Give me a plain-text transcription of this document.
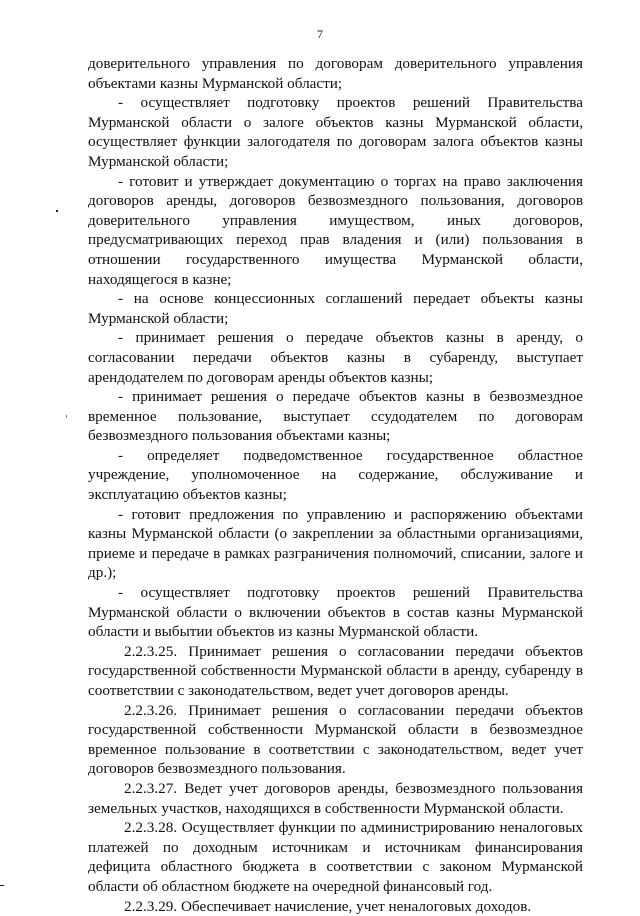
7

доверительного управления по договорам доверительного управления объектами казны Мурманской области;

- осуществляет подготовку проектов решений Правительства Мурманской области о залоге объектов казны Мурманской области, осуществляет функции залогодателя по договорам залога объектов казны Мурманской области;

- готовит и утверждает документацию о торгах на право заключения договоров аренды, договоров безвозмездного пользования, договоров доверительного управления имуществом, иных договоров, предусматривающих переход прав владения и (или) пользования в отношении государственного имущества Мурманской области, находящегося в казне;

- на основе концессионных соглашений передает объекты казны Мурманской области;

- принимает решения о передаче объектов казны в аренду, о согласовании передачи объектов казны в субаренду, выступает арендодателем по договорам аренды объектов казны;

- принимает решения о передаче объектов казны в безвозмездное временное пользование, выступает ссудодателем по договорам безвозмездного пользования объектами казны;

- определяет подведомственное государственное областное учреждение, уполномоченное на содержание, обслуживание и эксплуатацию объектов казны;

- готовит предложения по управлению и распоряжению объектами казны Мурманской области (о закреплении за областными организациями, приеме и передаче в рамках разграничения полномочий, списании, залоге и др.);

- осуществляет подготовку проектов решений Правительства Мурманской области о включении объектов в состав казны Мурманской области и выбытии объектов из казны Мурманской области.

2.2.3.25. Принимает решения о согласовании передачи объектов государственной собственности Мурманской области в аренду, субаренду в соответствии с законодательством, ведет учет договоров аренды.

2.2.3.26. Принимает решения о согласовании передачи объектов государственной собственности Мурманской области в безвозмездное временное пользование в соответствии с законодательством, ведет учет договоров безвозмездного пользования.

2.2.3.27. Ведет учет договоров аренды, безвозмездного пользования земельных участков, находящихся в собственности Мурманской области.

2.2.3.28. Осуществляет функции по администрированию неналоговых платежей по доходным источникам и источникам финансирования дефицита областного бюджета в соответствии с законом Мурманской области об областном бюджете на очередной финансовый год.

2.2.3.29. Обеспечивает начисление, учет неналоговых доходов.
